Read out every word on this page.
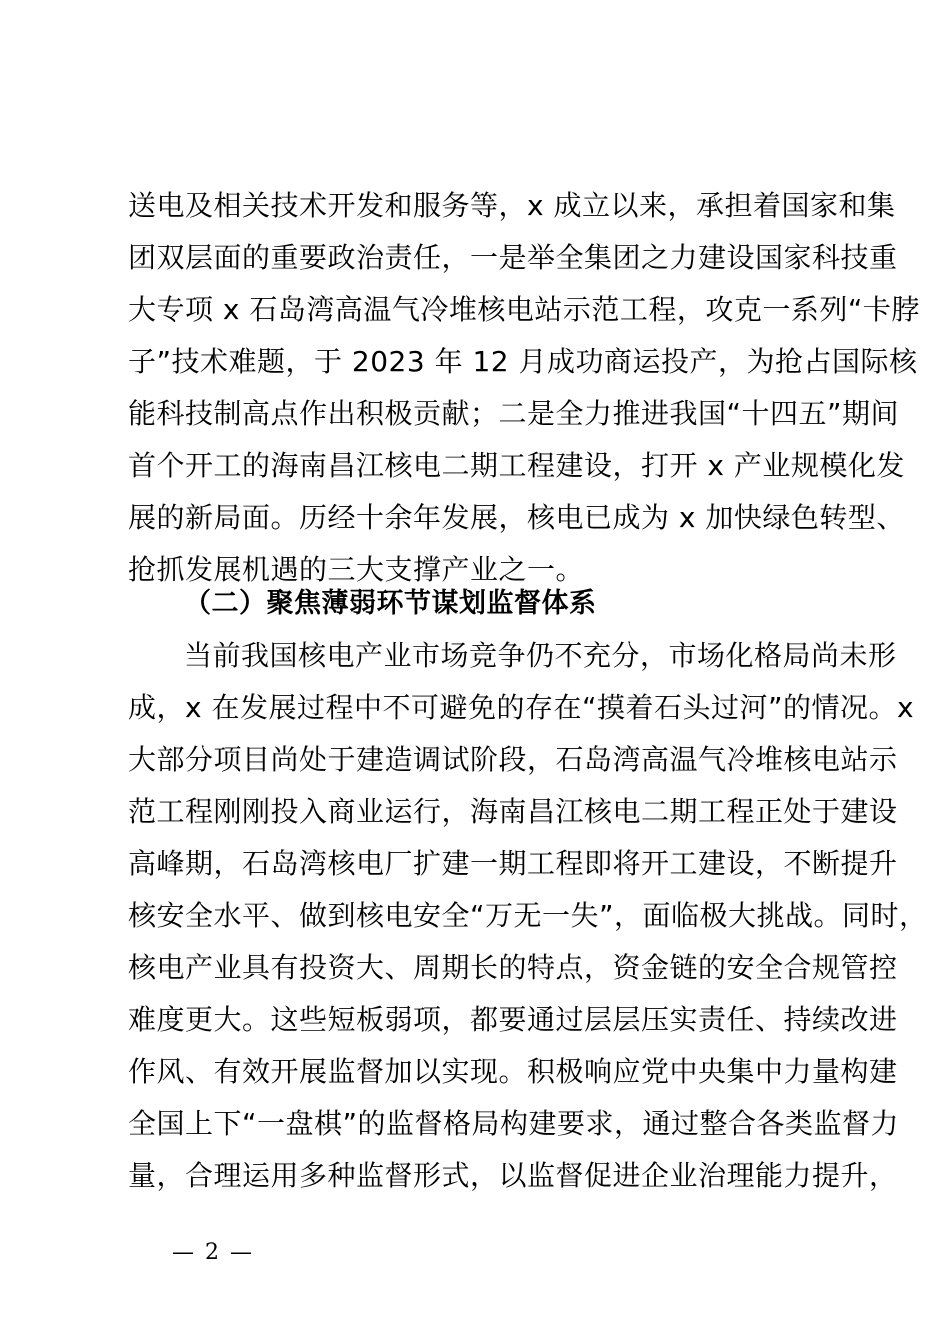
送电及相关技术开发和服务等，x 成立以来，承担着国家和集
团双层面的重要政治责任，一是举全集团之力建设国家科技重
大专项 x 石岛湾高温气冷堆核电站示范工程，攻克一系列“卡脖
子”技术难题，于 2023 年 12 月成功商运投产，为抢占国际核
能科技制高点作出积极贡献；二是全力推进我国“十四五”期间
首个开工的海南昌江核电二期工程建设，打开 x 产业规模化发
展的新局面。历经十余年发展，核电已成为 x 加快绿色转型、
抢抓发展机遇的三大支撑产业之一。
（二）聚焦薄弱环节谋划监督体系
当前我国核电产业市场竞争仍不充分，市场化格局尚未形
成，x 在发展过程中不可避免的存在“摸着石头过河”的情况。x
大部分项目尚处于建造调试阶段，石岛湾高温气冷堆核电站示
范工程刚刚投入商业运行，海南昌江核电二期工程正处于建设
高峰期，石岛湾核电厂扩建一期工程即将开工建设，不断提升
核安全水平、做到核电安全“万无一失”，面临极大挑战。同时，
核电产业具有投资大、周期长的特点，资金链的安全合规管控
难度更大。这些短板弱项，都要通过层层压实责任、持续改进
作风、有效开展监督加以实现。积极响应党中央集中力量构建
全国上下“一盘棋”的监督格局构建要求，通过整合各类监督力
量，合理运用多种监督形式，以监督促进企业治理能力提升，
— 2 —
